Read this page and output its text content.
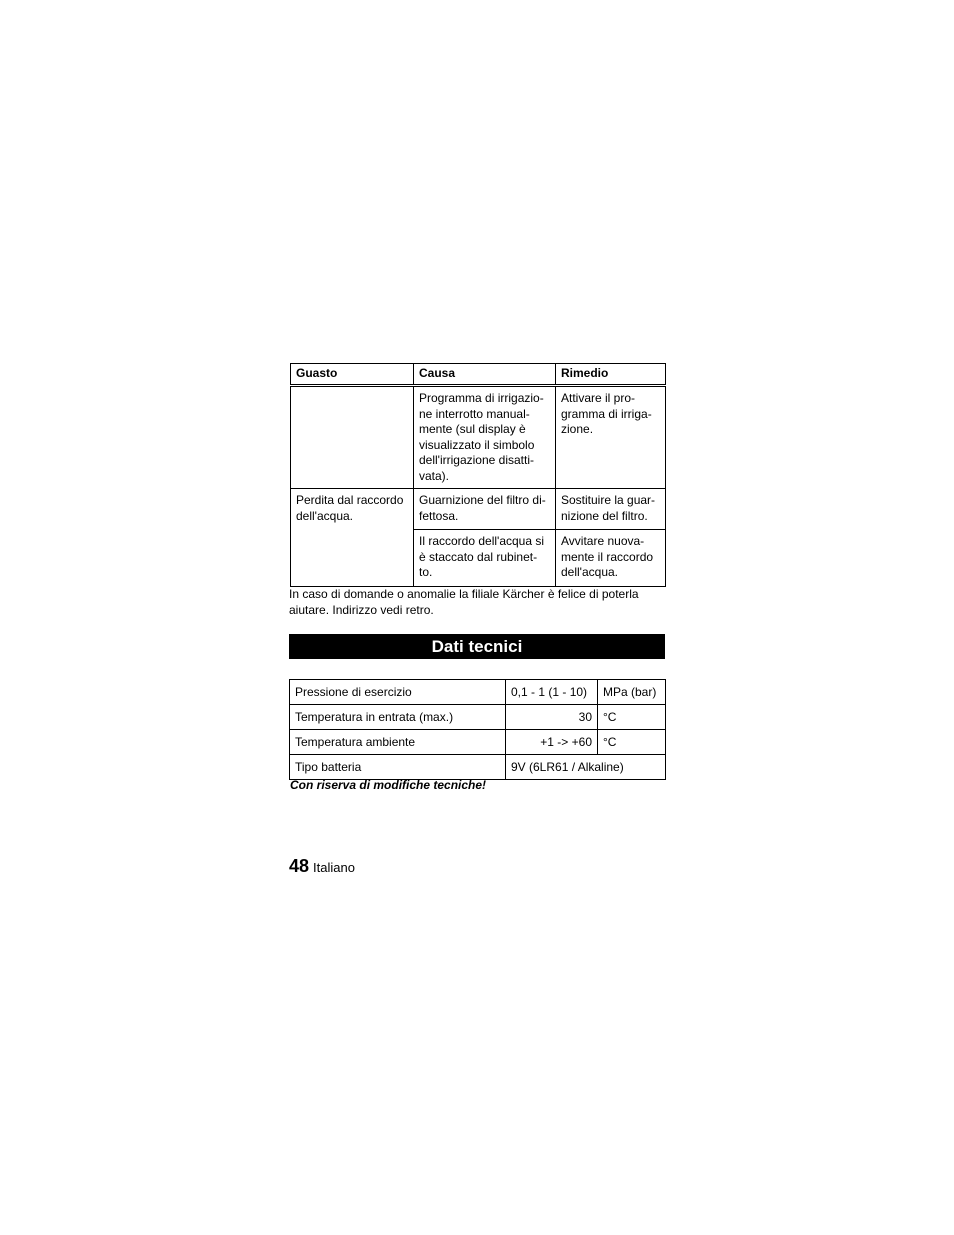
Guasto	Causa	Rimedio
	Programma di irrigazio-ne interrotto manual-mente (sul display è visualizzato il simbolo dell'irrigazione disatti-vata).	Attivare il pro-gramma di irriga-zione.
Perdita dal raccordo dell'acqua.	Guarnizione del filtro di-fettosa.	Sostituire la guar-nizione del filtro.
	Il raccordo dell'acqua si è staccato dal rubinet-to.	Avvitare nuova-mente il raccordo dell'acqua.
In caso di domande o anomalie la filiale Kärcher è felice di poterla aiutare. Indirizzo vedi retro.
Dati tecnici
Pressione di esercizio	0,1 - 1 (1 - 10)	MPa (bar)
Temperatura in entrata (max.)	30	°C
Temperatura ambiente	+1 -> +60	°C
Tipo batteria	9V (6LR61 / Alkaline)	
Con riserva di modifiche tecniche!
48 Italiano
